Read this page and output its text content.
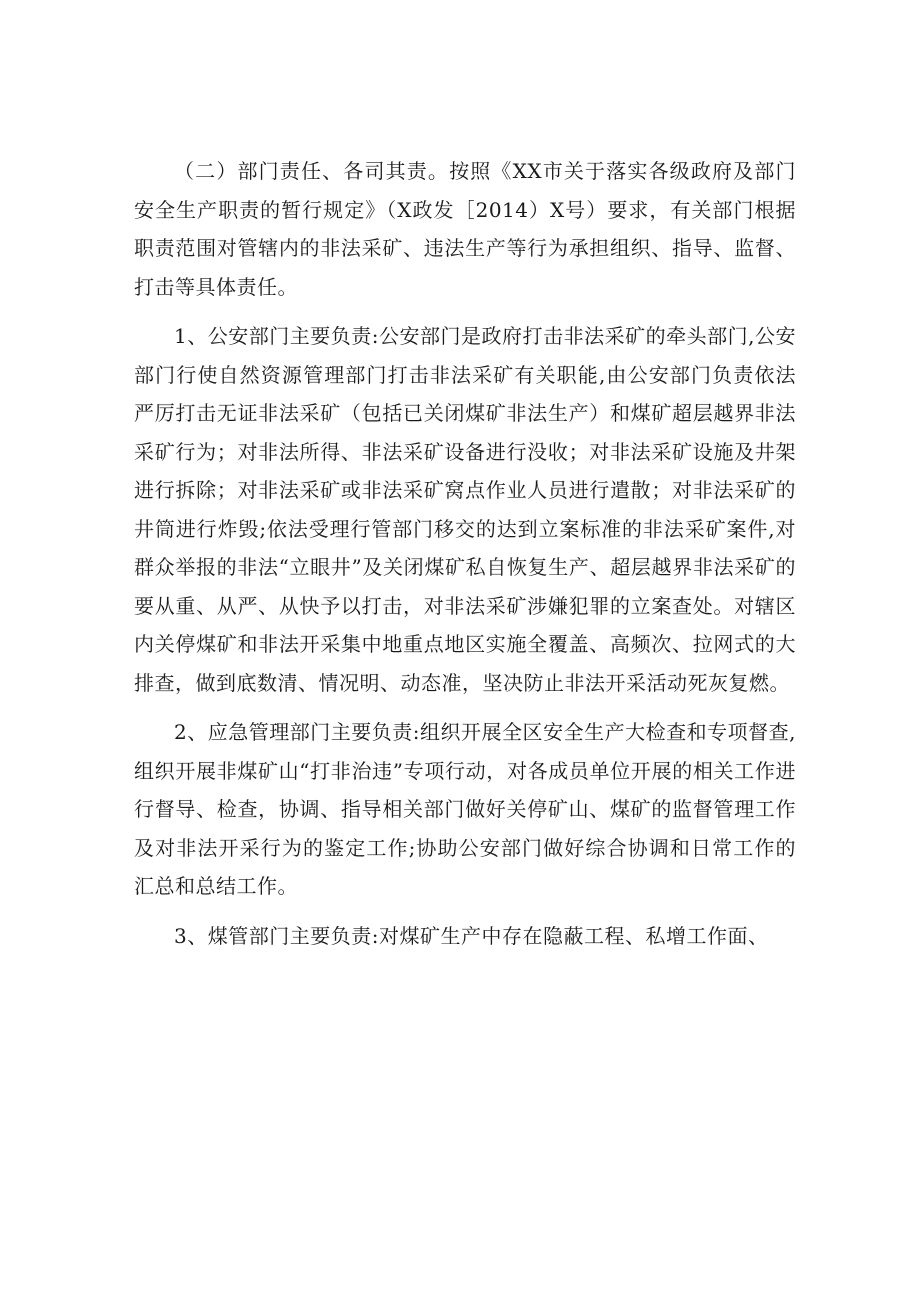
（二）部门责任、各司其责。按照《XX市关于落实各级政府及部门安全生产职责的暂行规定》（X政发［2014）X号）要求，有关部门根据职责范围对管辖内的非法采矿、违法生产等行为承担组织、指导、监督、打击等具体责任。

1、公安部门主要负责:公安部门是政府打击非法采矿的牵头部门,公安部门行使自然资源管理部门打击非法采矿有关职能,由公安部门负责依法严厉打击无证非法采矿（包括已关闭煤矿非法生产）和煤矿超层越界非法采矿行为；对非法所得、非法采矿设备进行没收；对非法采矿设施及井架进行拆除；对非法采矿或非法采矿窝点作业人员进行遣散；对非法采矿的井筒进行炸毁;依法受理行管部门移交的达到立案标准的非法采矿案件,对群众举报的非法“立眼井”及关闭煤矿私自恢复生产、超层越界非法采矿的要从重、从严、从快予以打击，对非法采矿涉嫌犯罪的立案查处。对辖区内关停煤矿和非法开采集中地重点地区实施全覆盖、高频次、拉网式的大排查，做到底数清、情况明、动态准，坚决防止非法开采活动死灰复燃。

2、应急管理部门主要负责:组织开展全区安全生产大检查和专项督查,组织开展非煤矿山“打非治违”专项行动，对各成员单位开展的相关工作进行督导、检查，协调、指导相关部门做好关停矿山、煤矿的监督管理工作及对非法开采行为的鉴定工作;协助公安部门做好综合协调和日常工作的汇总和总结工作。

3、煤管部门主要负责:对煤矿生产中存在隐蔽工程、私增工作面、
